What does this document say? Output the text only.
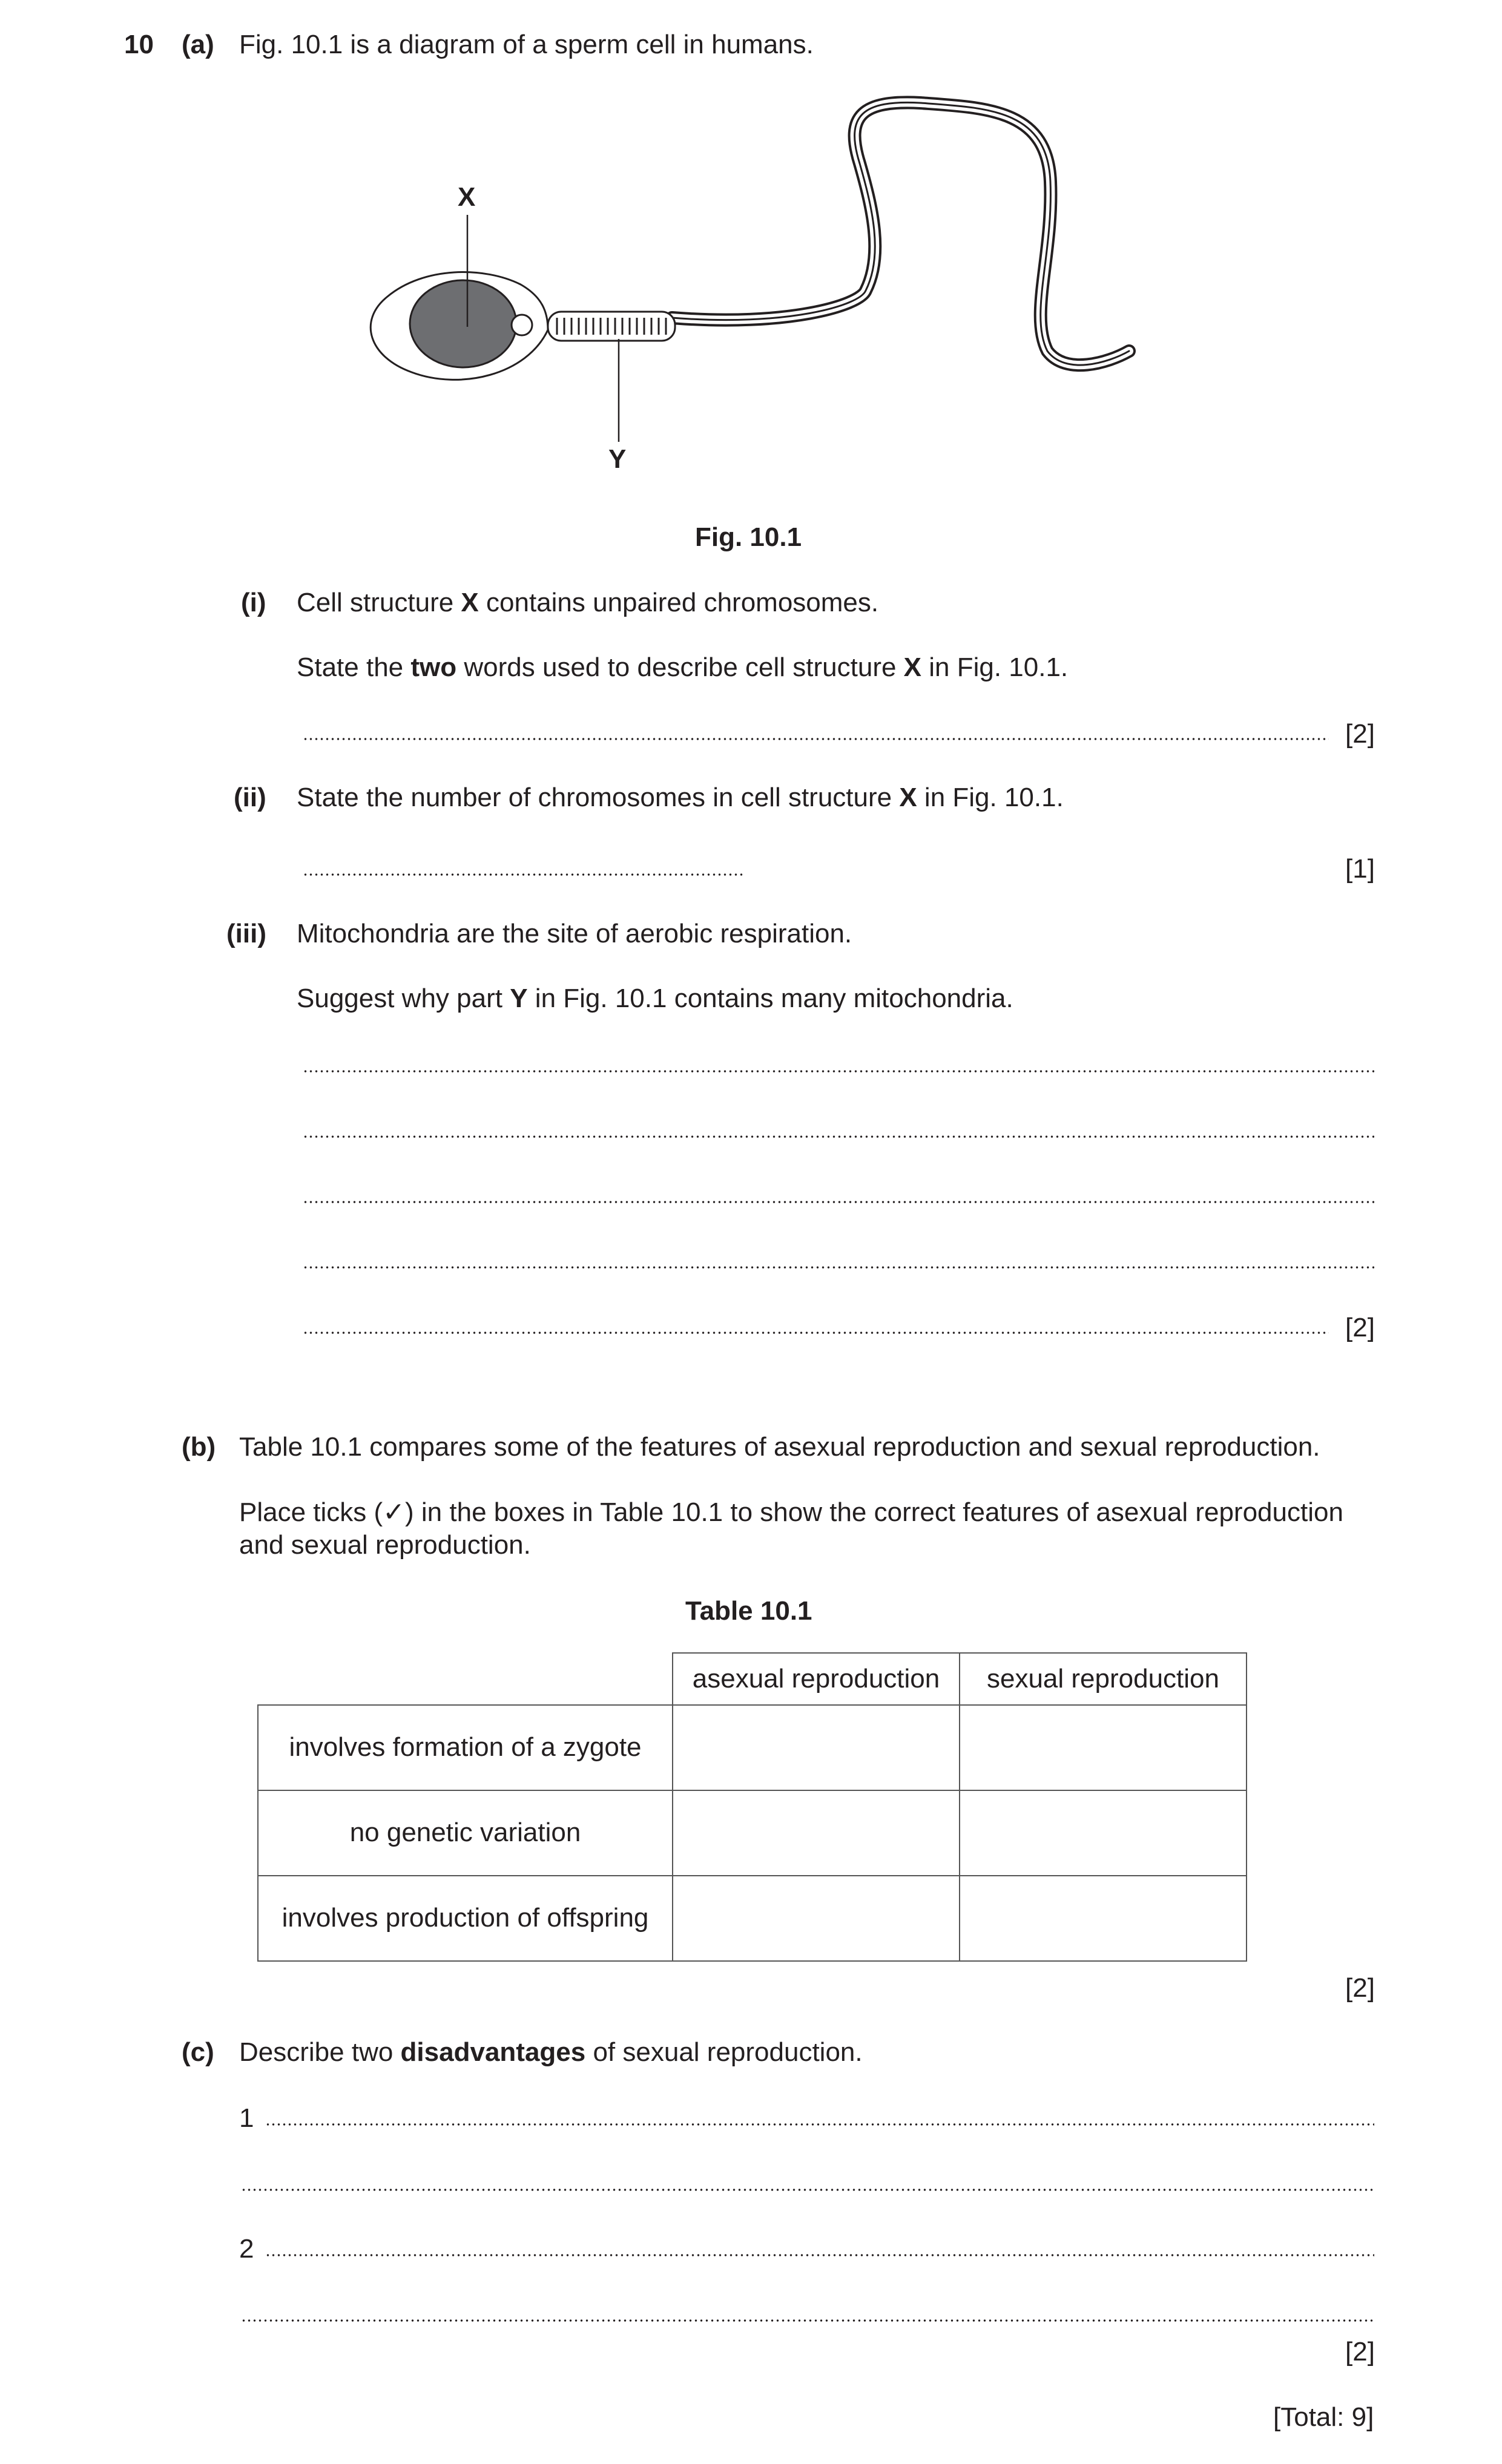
10 (a) Fig. 10.1 is a diagram of a sperm cell in humans.
X
Y
Fig. 10.1
(i) Cell structure X contains unpaired chromosomes.
State the two words used to describe cell structure X in Fig. 10.1.
[2]
(ii) State the number of chromosomes in cell structure X in Fig. 10.1.
[1]
(iii) Mitochondria are the site of aerobic respiration.
Suggest why part Y in Fig. 10.1 contains many mitochondria.
[2]
(b) Table 10.1 compares some of the features of asexual reproduction and sexual reproduction.
Place ticks (✓) in the boxes in Table 10.1 to show the correct features of asexual reproduction
and sexual reproduction.
Table 10.1
	asexual reproduction	sexual reproduction
involves formation of a zygote		
no genetic variation		
involves production of offspring		
[2]
(c) Describe two disadvantages of sexual reproduction.
1
2
[2]
[Total: 9]
